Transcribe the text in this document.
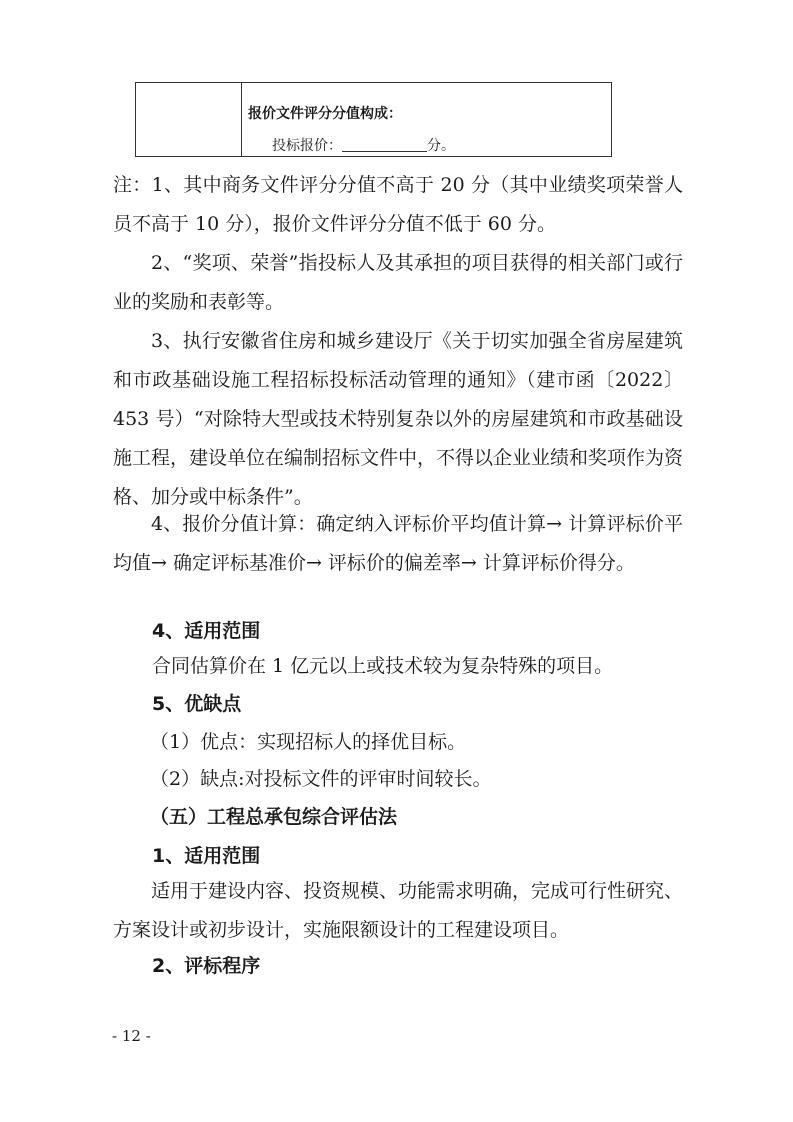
报价文件评分分值构成：
投标报价：	分。

注：1、其中商务文件评分分值不高于 20 分（其中业绩奖项荣誉人员不高于 10 分），报价文件评分分值不低于 60 分。

2、“奖项、荣誉”指投标人及其承担的项目获得的相关部门或行业的奖励和表彰等。

3、执行安徽省住房和城乡建设厅《关于切实加强全省房屋建筑和市政基础设施工程招标投标活动管理的通知》（建市函〔2022〕453 号）“对除特大型或技术特别复杂以外的房屋建筑和市政基础设施工程，建设单位在编制招标文件中，不得以企业业绩和奖项作为资格、加分或中标条件”。

4、报价分值计算：确定纳入评标价平均值计算→ 计算评标价平均值→ 确定评标基准价→ 评标价的偏差率→ 计算评标价得分。

4、适用范围
合同估算价在 1 亿元以上或技术较为复杂特殊的项目。
5、优缺点
（1）优点：实现招标人的择优目标。
（2）缺点:对投标文件的评审时间较长。
（五）工程总承包综合评估法
1、适用范围

适用于建设内容、投资规模、功能需求明确，完成可行性研究、方案设计或初步设计，实施限额设计的工程建设项目。

2、评标程序
- 12 -
